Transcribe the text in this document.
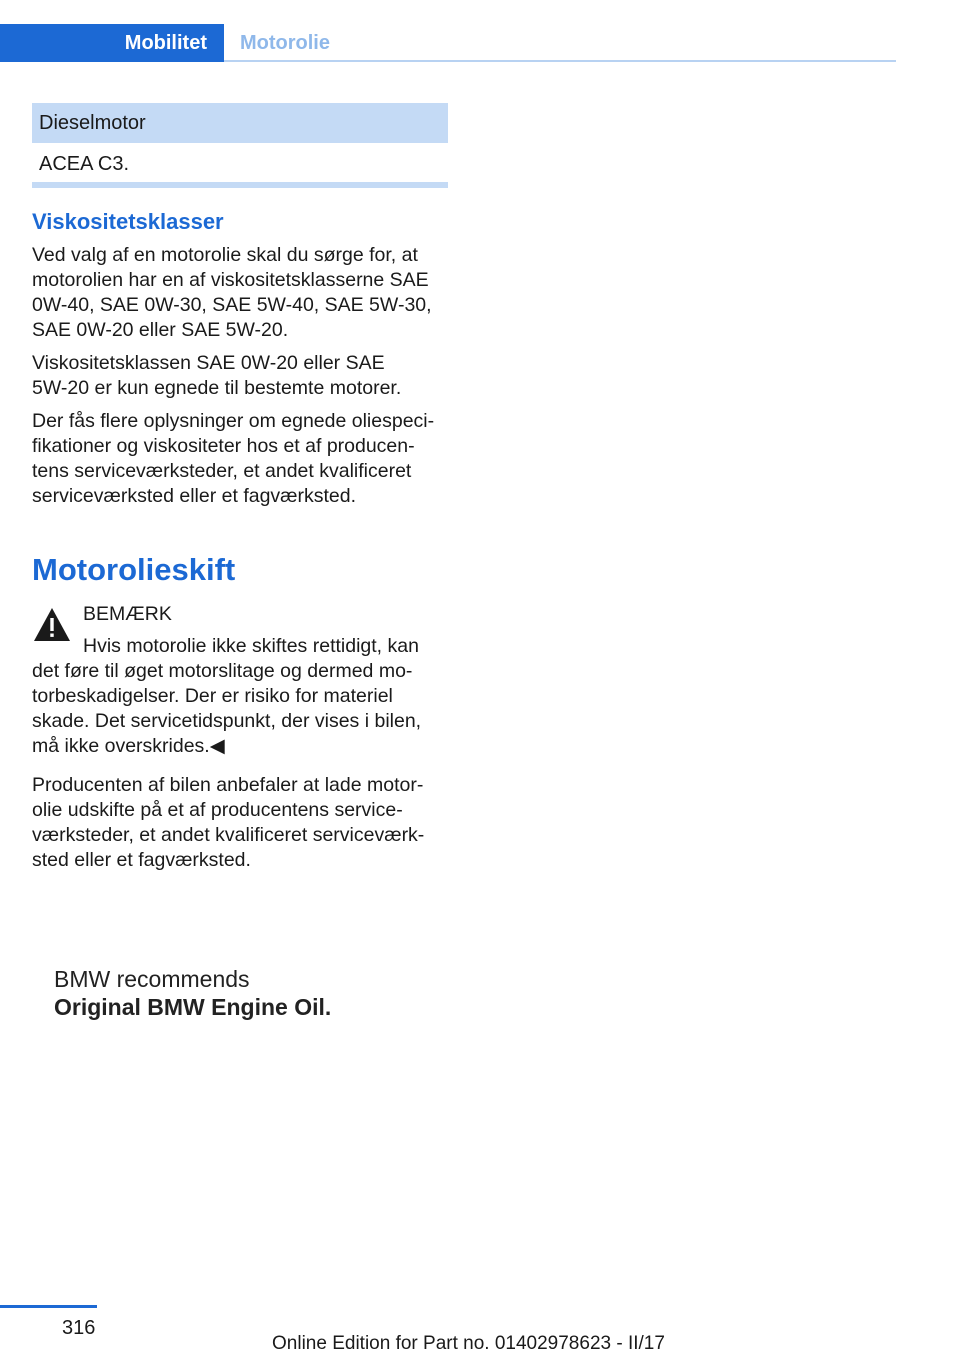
Mobilitet	Motorolie
Dieselmotor
ACEA C3.
Viskositetsklasser
Ved valg af en motorolie skal du sørge for, at
motorolien har en af viskositetsklasserne SAE
0W-40, SAE 0W-30, SAE 5W-40, SAE 5W-30,
SAE 0W-20 eller SAE 5W-20.
Viskositetsklassen SAE 0W-20 eller SAE
5W-20 er kun egnede til bestemte motorer.
Der fås flere oplysninger om egnede oliespeci-
fikationer og viskositeter hos et af producen-
tens serviceværksteder, et andet kvalificeret
serviceværksted eller et fagværksted.
Motorolieskift
BEMÆRK
Hvis motorolie ikke skiftes rettidigt, kan
det føre til øget motorslitage og dermed mo-
torbeskadigelser. Der er risiko for materiel
skade. Det servicetidspunkt, der vises i bilen,
må ikke overskrides.◀
Producenten af bilen anbefaler at lade motor-
olie udskifte på et af producentens service-
værksteder, et andet kvalificeret serviceværk-
sted eller et fagværksted.
BMW recommends
Original BMW Engine Oil.
316
Online Edition for Part no. 01402978623 - II/17
